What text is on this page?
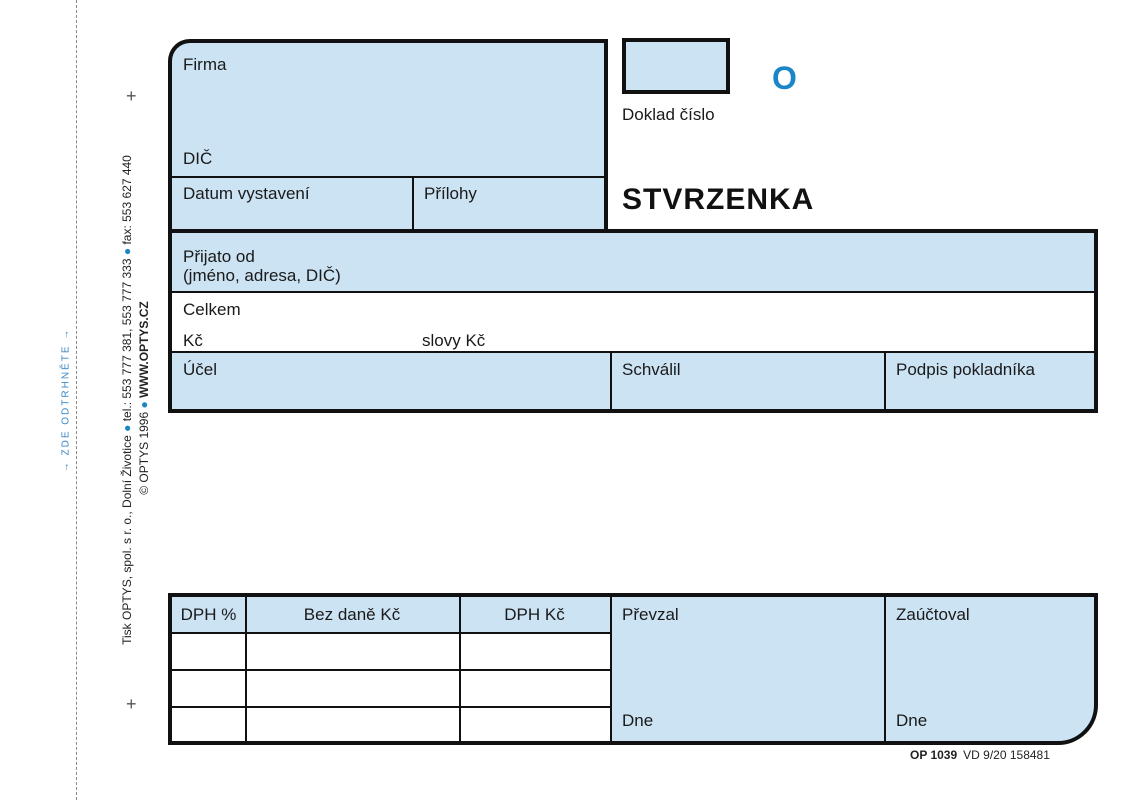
→ ZDE ODTRHNĚTE →
Tisk OPTYS, spol. s r. o., Dolní Životice ● tel.: 553 777 381, 553 777 333 ● fax: 553 627 440
© OPTYS 1996 ● WWW.OPTYS.CZ
+
+
Firma
DIČ
Datum vystavení	Přílohy
O
Doklad číslo
STVRZENKA
Přijato od
(jméno, adresa, DIČ)
Celkem
Kč	slovy Kč
Účel	Schválil	Podpis pokladníka
DPH %	Bez daně Kč	DPH Kč	Převzal	Zaúčtoval
Dne	Dne
OP 1039 VD 9/20 158481
